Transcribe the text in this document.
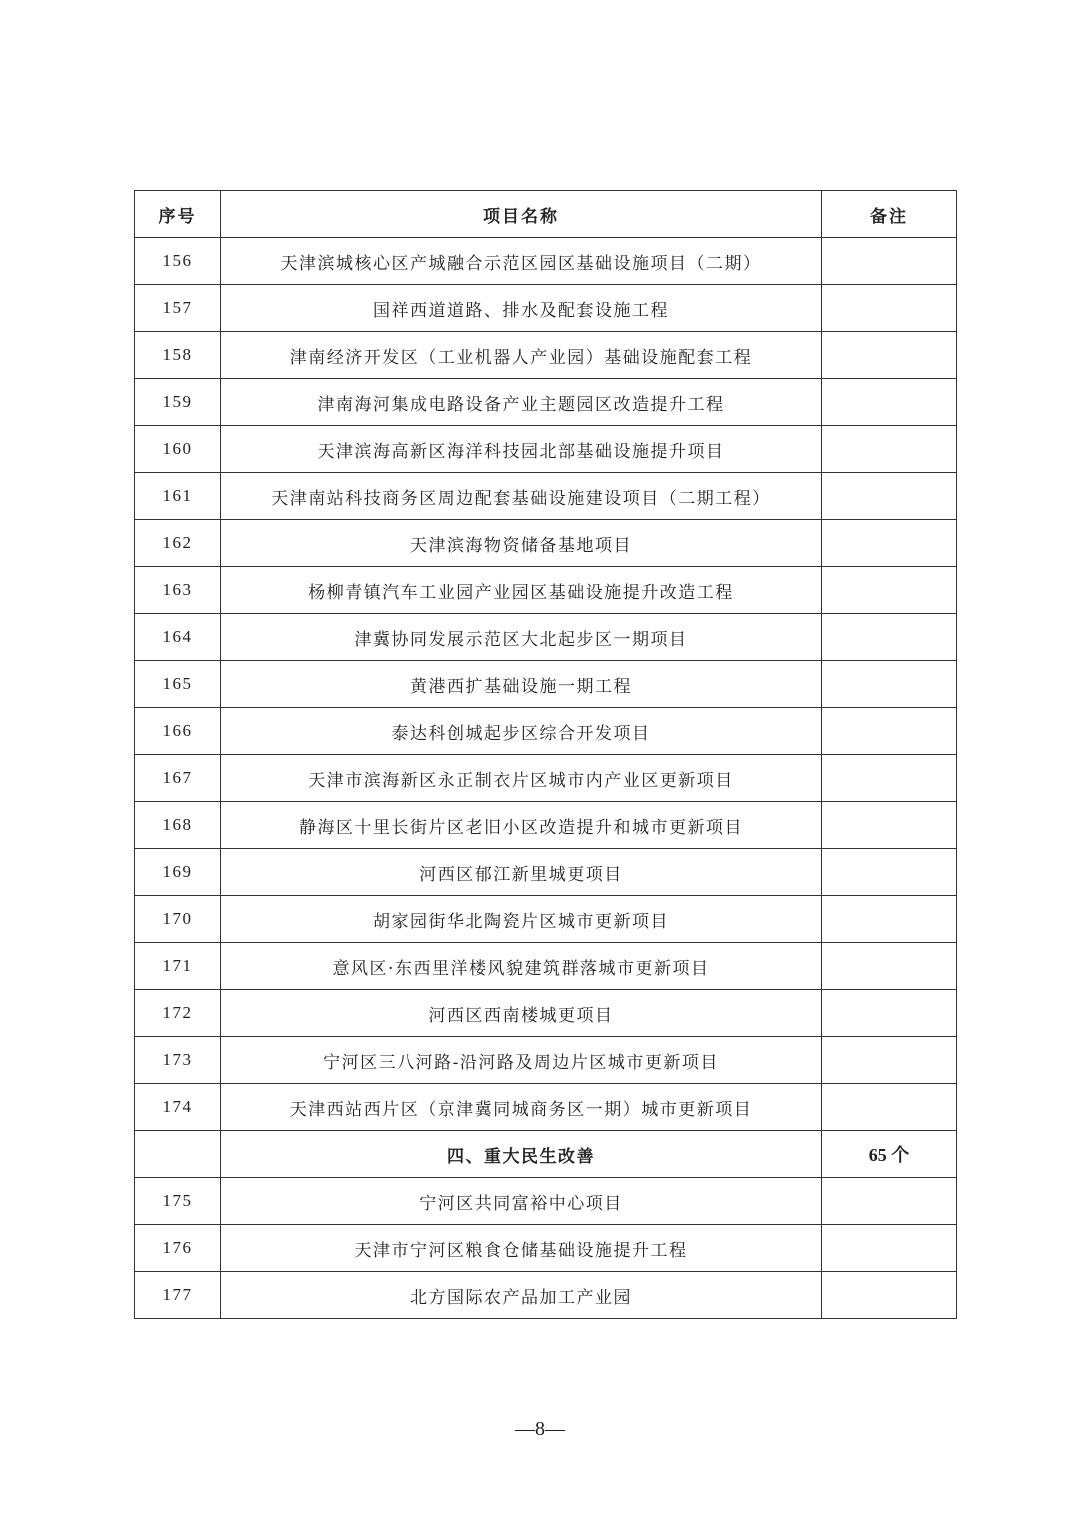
序号	项目名称	备注
156	天津滨城核心区产城融合示范区园区基础设施项目（二期）	
157	国祥西道道路、排水及配套设施工程	
158	津南经济开发区（工业机器人产业园）基础设施配套工程	
159	津南海河集成电路设备产业主题园区改造提升工程	
160	天津滨海高新区海洋科技园北部基础设施提升项目	
161	天津南站科技商务区周边配套基础设施建设项目（二期工程）	
162	天津滨海物资储备基地项目	
163	杨柳青镇汽车工业园产业园区基础设施提升改造工程	
164	津冀协同发展示范区大北起步区一期项目	
165	黄港西扩基础设施一期工程	
166	泰达科创城起步区综合开发项目	
167	天津市滨海新区永正制衣片区城市内产业区更新项目	
168	静海区十里长街片区老旧小区改造提升和城市更新项目	
169	河西区郁江新里城更项目	
170	胡家园街华北陶瓷片区城市更新项目	
171	意风区·东西里洋楼风貌建筑群落城市更新项目	
172	河西区西南楼城更项目	
173	宁河区三八河路-沿河路及周边片区城市更新项目	
174	天津西站西片区（京津冀同城商务区一期）城市更新项目	
	四、重大民生改善	65 个
175	宁河区共同富裕中心项目	
176	天津市宁河区粮食仓储基础设施提升工程	
177	北方国际农产品加工产业园	
—8—
